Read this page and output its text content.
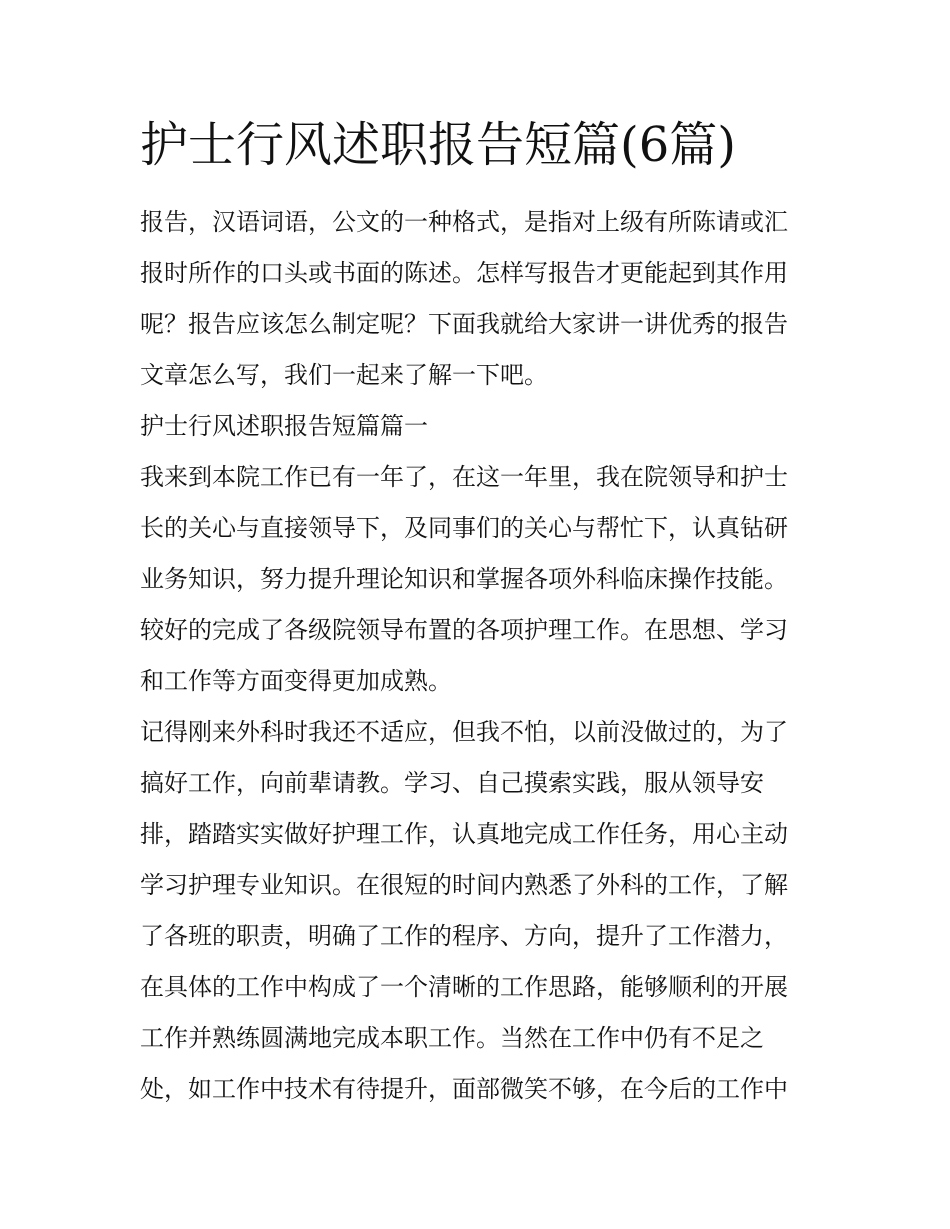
护士行风述职报告短篇(6篇)

报告，汉语词语，公文的一种格式，是指对上级有所陈请或汇
报时所作的口头或书面的陈述。怎样写报告才更能起到其作用
呢？报告应该怎么制定呢？下面我就给大家讲一讲优秀的报告
文章怎么写，我们一起来了解一下吧。

护士行风述职报告短篇篇一

我来到本院工作已有一年了，在这一年里，我在院领导和护士
长的关心与直接领导下，及同事们的关心与帮忙下，认真钻研
业务知识，努力提升理论知识和掌握各项外科临床操作技能。
较好的完成了各级院领导布置的各项护理工作。在思想、学习
和工作等方面变得更加成熟。

记得刚来外科时我还不适应，但我不怕，以前没做过的，为了
搞好工作，向前辈请教。学习、自己摸索实践，服从领导安
排，踏踏实实做好护理工作，认真地完成工作任务，用心主动
学习护理专业知识。在很短的时间内熟悉了外科的工作，了解
了各班的职责，明确了工作的程序、方向，提升了工作潜力，
在具体的工作中构成了一个清晰的工作思路，能够顺利的开展
工作并熟练圆满地完成本职工作。当然在工作中仍有不足之
处，如工作中技术有待提升，面部微笑不够，在今后的工作中
